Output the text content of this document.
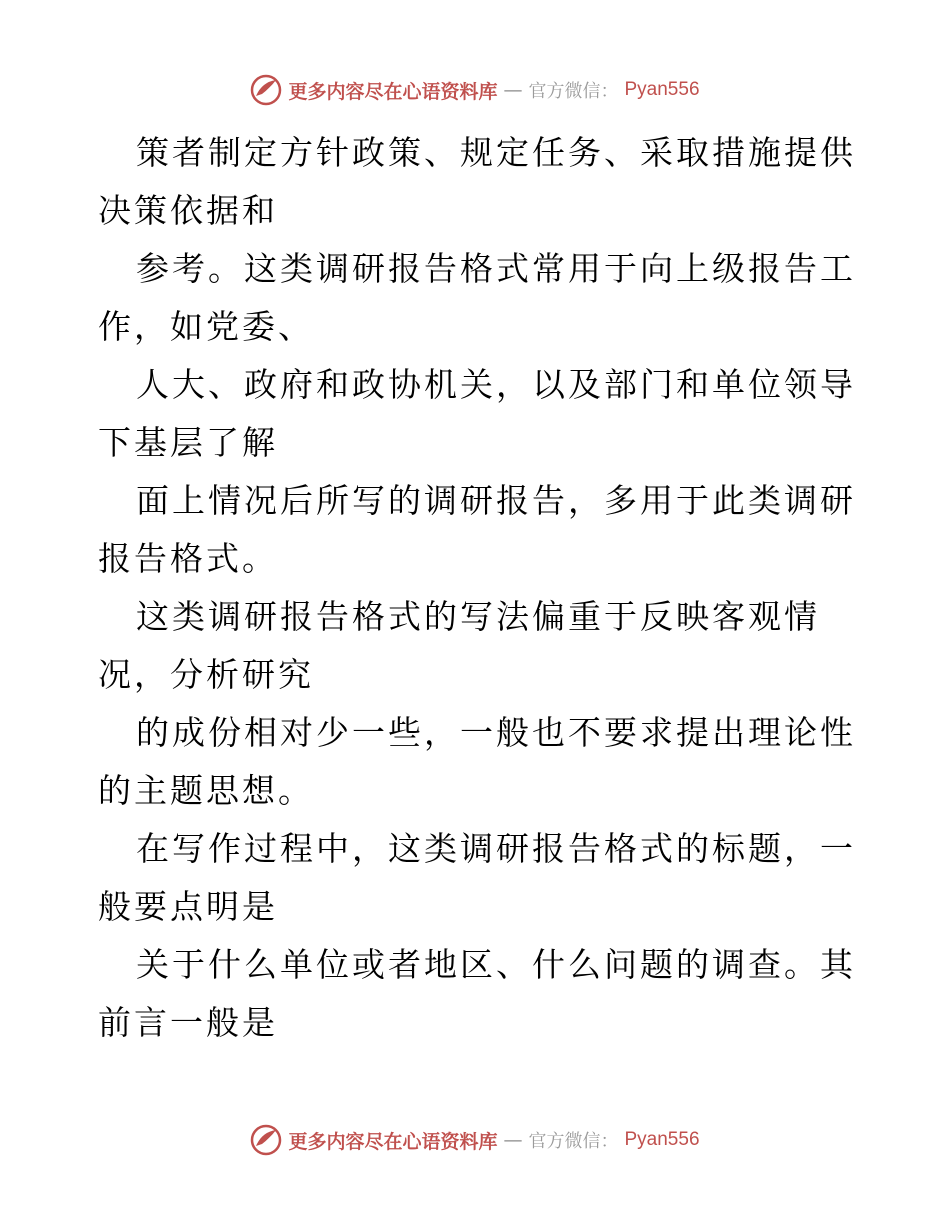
更多内容尽在心语资料库 — 官方微信： Pyan556

策者制定方针政策、规定任务、采取措施提供决策依据和

参考。这类调研报告格式常用于向上级报告工作，如党委、

人大、政府和政协机关，以及部门和单位领导下基层了解

面上情况后所写的调研报告，多用于此类调研报告格式。

这类调研报告格式的写法偏重于反映客观情况，分析研究

的成份相对少一些，一般也不要求提出理论性的主题思想。

在写作过程中，这类调研报告格式的标题，一般要点明是

关于什么单位或者地区、什么问题的调查。其前言一般是

更多内容尽在心语资料库 — 官方微信： Pyan556
